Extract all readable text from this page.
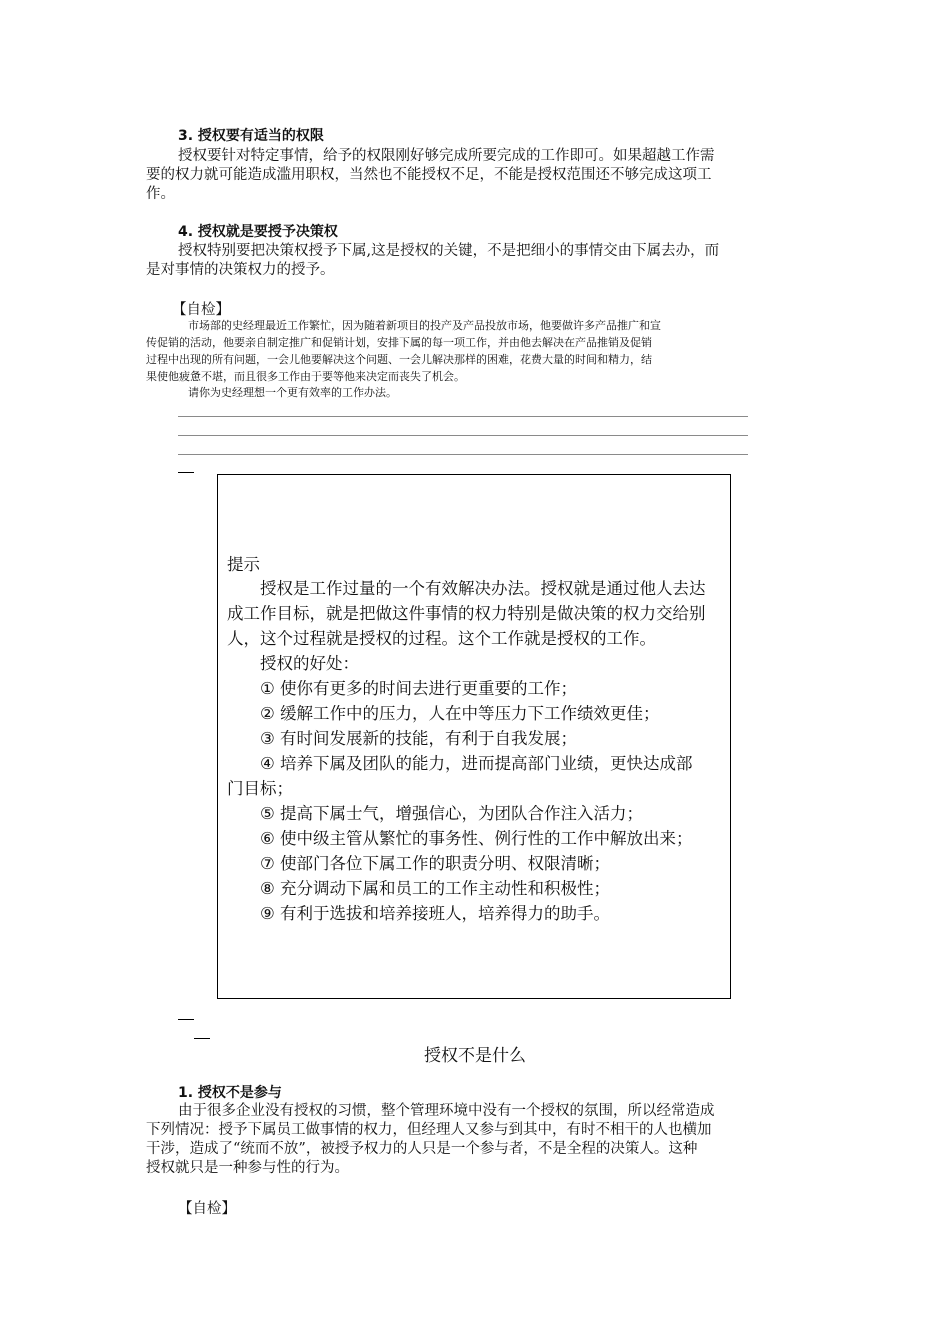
3. 授权要有适当的权限
授权要针对特定事情，给予的权限刚好够完成所要完成的工作即可。如果超越工作需
要的权力就可能造成滥用职权，当然也不能授权不足，不能是授权范围还不够完成这项工
作。
4. 授权就是要授予决策权
授权特别要把决策权授予下属,这是授权的关键，不是把细小的事情交由下属去办，而
是对事情的决策权力的授予。
【自检】
市场部的史经理最近工作繁忙，因为随着新项目的投产及产品投放市场，他要做许多产品推广和宣
传促销的活动，他要亲自制定推广和促销计划，安排下属的每一项工作，并由他去解决在产品推销及促销
过程中出现的所有问题，一会儿他要解决这个问题、一会儿解决那样的困难，花费大量的时间和精力，结
果使他疲惫不堪，而且很多工作由于要等他来决定而丧失了机会。
请你为史经理想一个更有效率的工作办法。
提示
授权是工作过量的一个有效解决办法。授权就是通过他人去达
成工作目标，就是把做这件事情的权力特别是做决策的权力交给别
人，这个过程就是授权的过程。这个工作就是授权的工作。
授权的好处：
① 使你有更多的时间去进行更重要的工作；
② 缓解工作中的压力，人在中等压力下工作绩效更佳；
③ 有时间发展新的技能，有利于自我发展；
④ 培养下属及团队的能力，进而提高部门业绩，更快达成部
门目标；
⑤ 提高下属士气，增强信心，为团队合作注入活力；
⑥ 使中级主管从繁忙的事务性、例行性的工作中解放出来；
⑦ 使部门各位下属工作的职责分明、权限清晰；
⑧ 充分调动下属和员工的工作主动性和积极性；
⑨ 有利于选拔和培养接班人，培养得力的助手。
授权不是什么
1. 授权不是参与
由于很多企业没有授权的习惯，整个管理环境中没有一个授权的氛围，所以经常造成
下列情况：授予下属员工做事情的权力，但经理人又参与到其中，有时不相干的人也横加
干涉，造成了“统而不放”，被授予权力的人只是一个参与者，不是全程的决策人。这种
授权就只是一种参与性的行为。
【自检】
